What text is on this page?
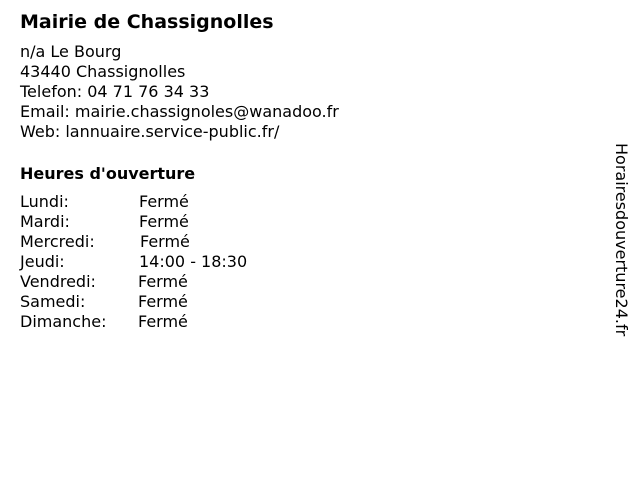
Mairie de Chassignolles
n/a Le Bourg
43440 Chassignolles
Telefon: 04 71 76 34 33
Email: mairie.chassignoles@wanadoo.fr
Web: lannuaire.service-public.fr/
Heures d'ouverture
Lundi:	Fermé
Mardi:	Fermé
Mercredi:	Fermé
Jeudi:	14:00 - 18:30
Vendredi:	Fermé
Samedi:	Fermé
Dimanche:	Fermé	Horairesdouverture24.fr
